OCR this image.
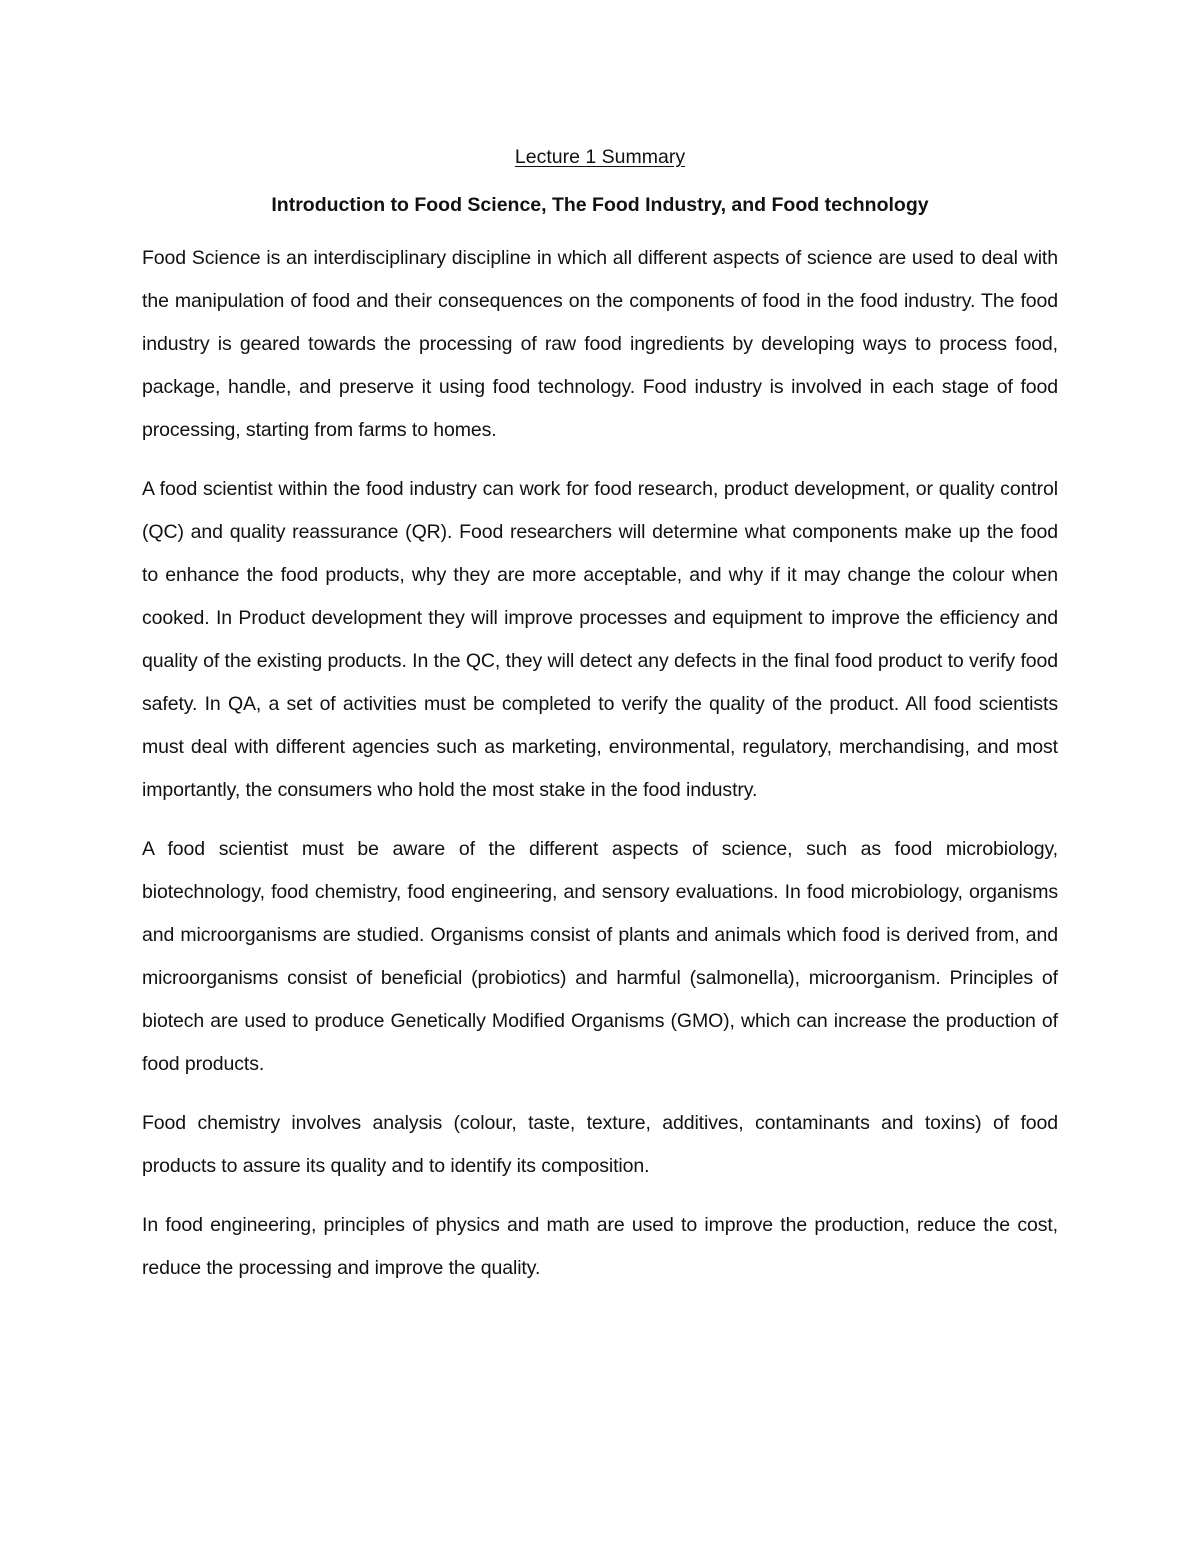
Lecture 1 Summary
Introduction to Food Science, The Food Industry, and Food technology

Food Science is an interdisciplinary discipline in which all different aspects of science are used to deal with the manipulation of food and their consequences on the components of food in the food industry. The food industry is geared towards the processing of raw food ingredients by developing ways to process food, package, handle, and preserve it using food technology. Food industry is involved in each stage of food processing, starting from farms to homes.

A food scientist within the food industry can work for food research, product development, or quality control (QC) and quality reassurance (QR). Food researchers will determine what components make up the food to enhance the food products, why they are more acceptable, and why if it may change the colour when cooked. In Product development they will improve processes and equipment to improve the efficiency and quality of the existing products. In the QC, they will detect any defects in the final food product to verify food safety. In QA, a set of activities must be completed to verify the quality of the product. All food scientists must deal with different agencies such as marketing, environmental, regulatory, merchandising, and most importantly, the consumers who hold the most stake in the food industry.

A food scientist must be aware of the different aspects of science, such as food microbiology, biotechnology, food chemistry, food engineering, and sensory evaluations. In food microbiology, organisms and microorganisms are studied. Organisms consist of plants and animals which food is derived from, and microorganisms consist of beneficial (probiotics) and harmful (salmonella), microorganism. Principles of biotech are used to produce Genetically Modified Organisms (GMO), which can increase the production of food products.

Food chemistry involves analysis (colour, taste, texture, additives, contaminants and toxins) of food products to assure its quality and to identify its composition.

In food engineering, principles of physics and math are used to improve the production, reduce the cost, reduce the processing and improve the quality.
